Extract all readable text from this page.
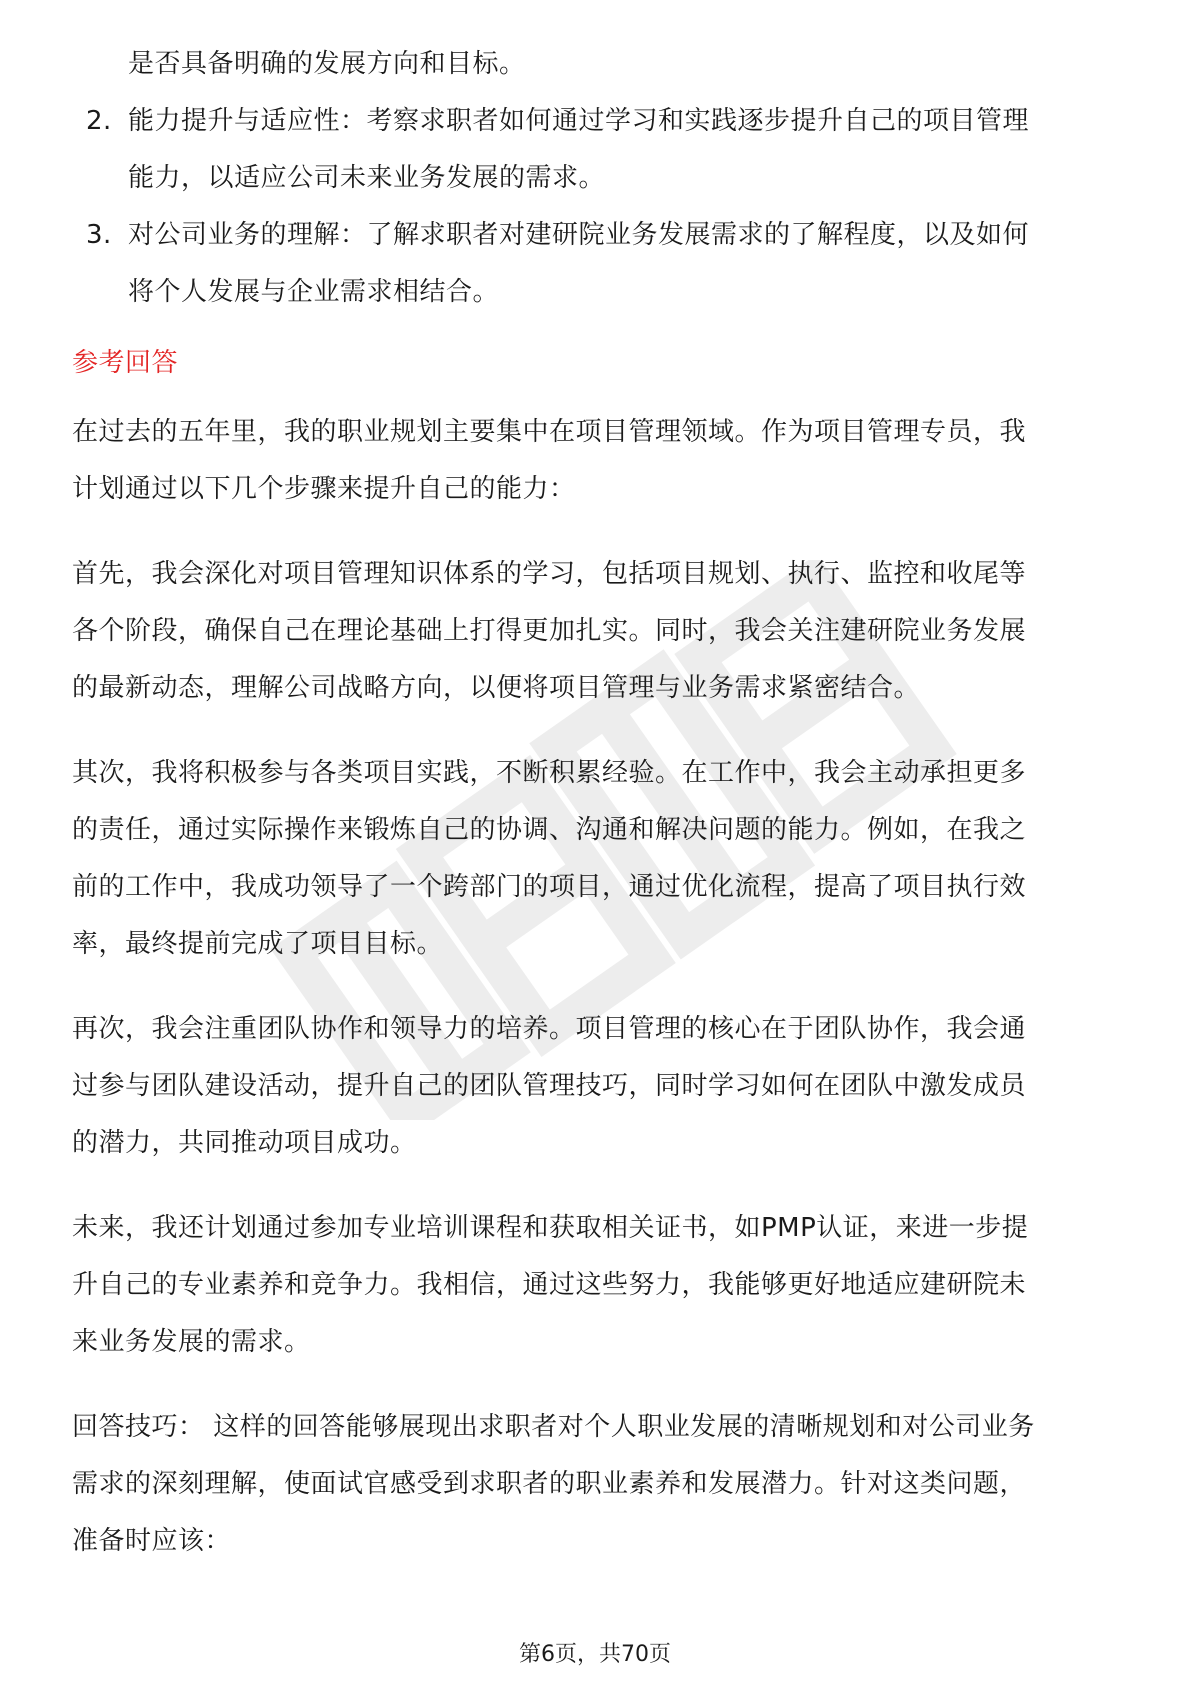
是否具备明确的发展方向和目标。

2. 能力提升与适应性：考察求职者如何通过学习和实践逐步提升自己的项目管理

能力，以适应公司未来业务发展的需求。

3. 对公司业务的理解：了解求职者对建研院业务发展需求的了解程度，以及如何

将个人发展与企业需求相结合。

参考回答

在过去的五年里，我的职业规划主要集中在项目管理领域。作为项目管理专员，我

计划通过以下几个步骤来提升自己的能力：

首先，我会深化对项目管理知识体系的学习，包括项目规划、执行、监控和收尾等

各个阶段，确保自己在理论基础上打得更加扎实。同时，我会关注建研院业务发展

的最新动态，理解公司战略方向，以便将项目管理与业务需求紧密结合。

其次，我将积极参与各类项目实践，不断积累经验。在工作中，我会主动承担更多

的责任，通过实际操作来锻炼自己的协调、沟通和解决问题的能力。例如，在我之

前的工作中，我成功领导了一个跨部门的项目，通过优化流程，提高了项目执行效

率，最终提前完成了项目目标。

再次，我会注重团队协作和领导力的培养。项目管理的核心在于团队协作，我会通

过参与团队建设活动，提升自己的团队管理技巧，同时学习如何在团队中激发成员

的潜力，共同推动项目成功。

未来，我还计划通过参加专业培训课程和获取相关证书，如PMP认证，来进一步提

升自己的专业素养和竞争力。我相信，通过这些努力，我能够更好地适应建研院未

来业务发展的需求。

回答技巧： 这样的回答能够展现出求职者对个人职业发展的清晰规划和对公司业务

需求的深刻理解，使面试官感受到求职者的职业素养和发展潜力。针对这类问题，

准备时应该：

第6页，共70页
